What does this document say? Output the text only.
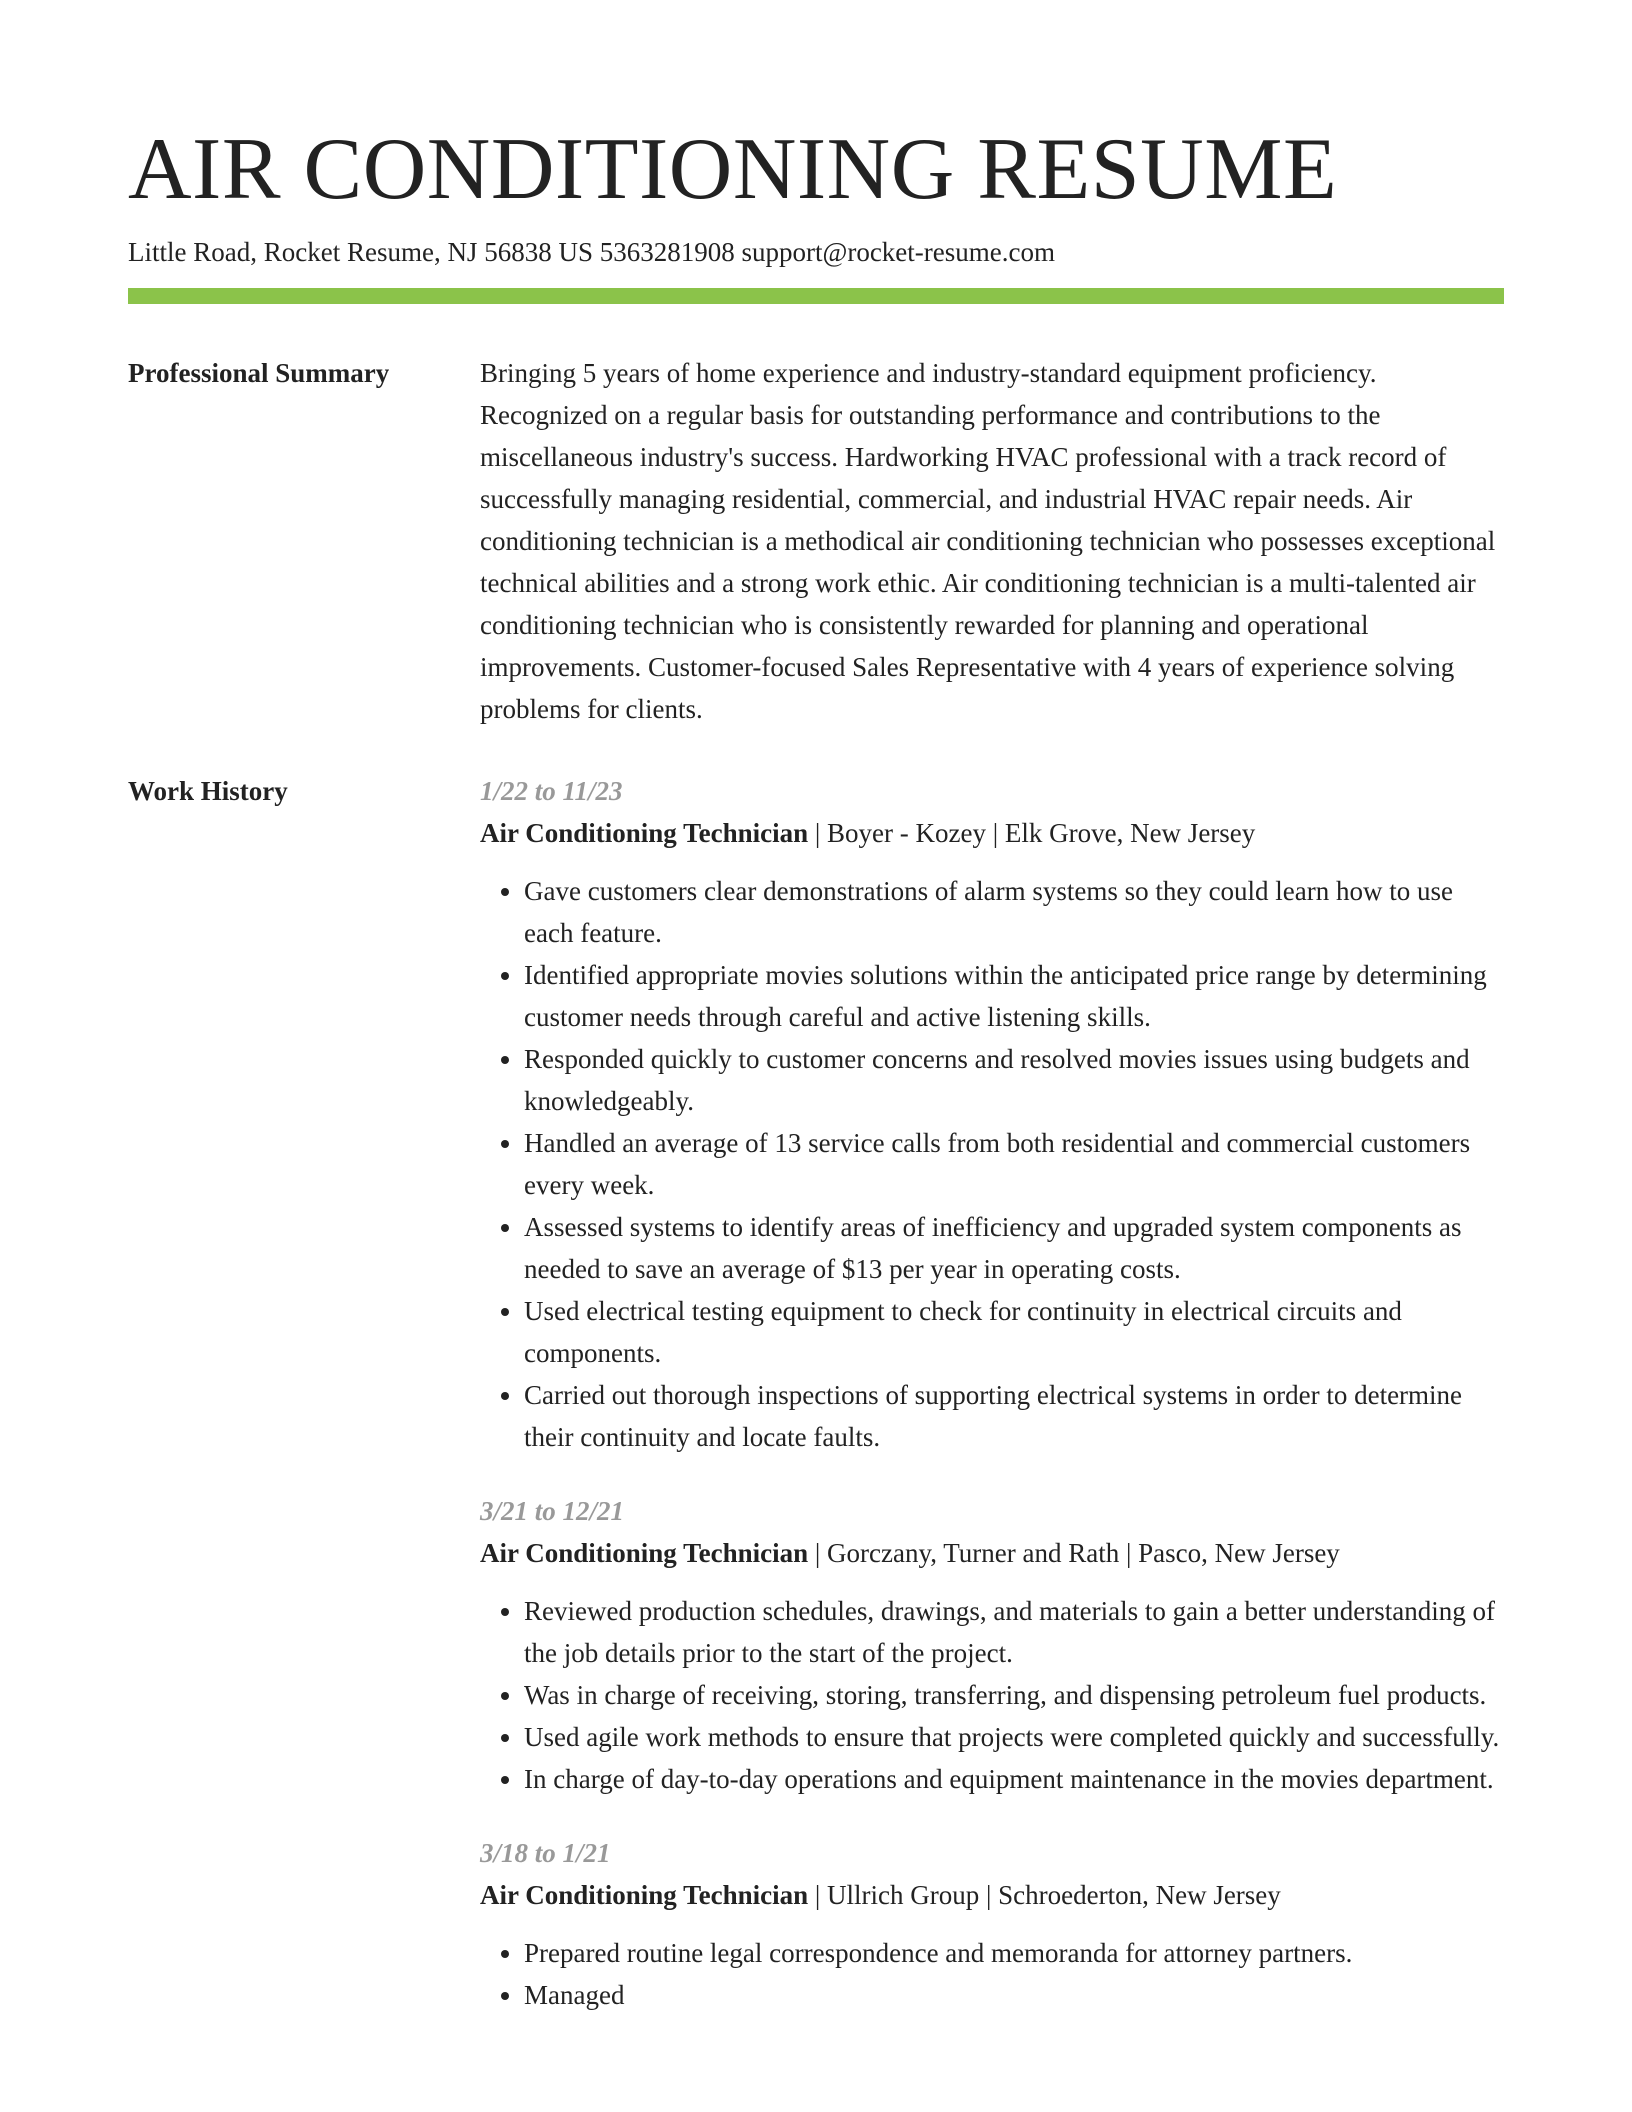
AIR CONDITIONING RESUME
Little Road, Rocket Resume, NJ 56838 US 5363281908 support@rocket-resume.com
Professional Summary	Bringing 5 years of home experience and industry-standard equipment proficiency. Recognized on a regular basis for outstanding performance and contributions to the miscellaneous industry's success. Hardworking HVAC professional with a track record of successfully managing residential, commercial, and industrial HVAC repair needs. Air conditioning technician is a methodical air conditioning technician who possesses exceptional technical abilities and a strong work ethic. Air conditioning technician is a multi-talented air conditioning technician who is consistently rewarded for planning and operational improvements. Customer-focused Sales Representative with 4 years of experience solving problems for clients.

Work History	1/22 to 11/23
Air Conditioning Technician | Boyer - Kozey | Elk Grove, New Jersey
• Gave customers clear demonstrations of alarm systems so they could learn how to use each feature.
• Identified appropriate movies solutions within the anticipated price range by determining customer needs through careful and active listening skills.
• Responded quickly to customer concerns and resolved movies issues using budgets and knowledgeably.
• Handled an average of 13 service calls from both residential and commercial customers every week.
• Assessed systems to identify areas of inefficiency and upgraded system components as needed to save an average of $13 per year in operating costs.
• Used electrical testing equipment to check for continuity in electrical circuits and components.
• Carried out thorough inspections of supporting electrical systems in order to determine their continuity and locate faults.
3/21 to 12/21
Air Conditioning Technician | Gorczany, Turner and Rath | Pasco, New Jersey
• Reviewed production schedules, drawings, and materials to gain a better understanding of the job details prior to the start of the project.
• Was in charge of receiving, storing, transferring, and dispensing petroleum fuel products.
• Used agile work methods to ensure that projects were completed quickly and successfully.
• In charge of day-to-day operations and equipment maintenance in the movies department.
3/18 to 1/21
Air Conditioning Technician | Ullrich Group | Schroederton, New Jersey
• Prepared routine legal correspondence and memoranda for attorney partners.
• Managed
